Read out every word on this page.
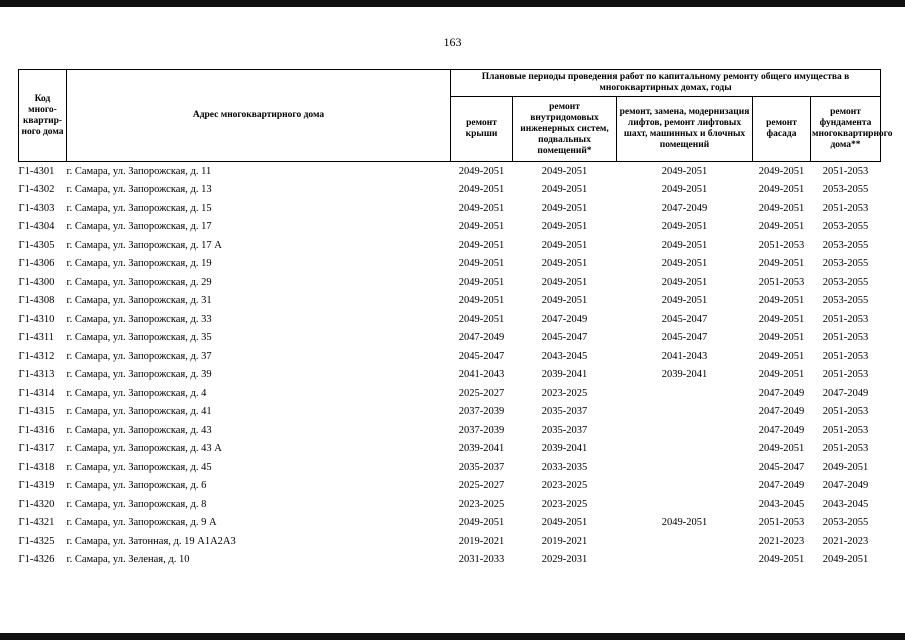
163
Код много-квартир-ного дома	Адрес многоквартирного дома	Плановые периоды проведения работ по капитальному ремонту общего имущества в многоквартирных домах, годы				
		ремонт крыши	ремонт внутридомовых инженерных систем, подвальных помещений*	ремонт, замена, модернизация лифтов, ремонт лифтовых шахт, машинных и блочных помещений	ремонт фасада	ремонт фундамента многоквартирного дома**
Г1-4301	г. Самара, ул. Запорожская, д. 11	2049-2051	2049-2051	2049-2051	2049-2051	2051-2053
Г1-4302	г. Самара, ул. Запорожская, д. 13	2049-2051	2049-2051	2049-2051	2049-2051	2053-2055
Г1-4303	г. Самара, ул. Запорожская, д. 15	2049-2051	2049-2051	2047-2049	2049-2051	2051-2053
Г1-4304	г. Самара, ул. Запорожская, д. 17	2049-2051	2049-2051	2049-2051	2049-2051	2053-2055
Г1-4305	г. Самара, ул. Запорожская, д. 17 А	2049-2051	2049-2051	2049-2051	2051-2053	2053-2055
Г1-4306	г. Самара, ул. Запорожская, д. 19	2049-2051	2049-2051	2049-2051	2049-2051	2053-2055
Г1-4300	г. Самара, ул. Запорожская, д. 29	2049-2051	2049-2051	2049-2051	2051-2053	2053-2055
Г1-4308	г. Самара, ул. Запорожская, д. 31	2049-2051	2049-2051	2049-2051	2049-2051	2053-2055
Г1-4310	г. Самара, ул. Запорожская, д. 33	2049-2051	2047-2049	2045-2047	2049-2051	2051-2053
Г1-4311	г. Самара, ул. Запорожская, д. 35	2047-2049	2045-2047	2045-2047	2049-2051	2051-2053
Г1-4312	г. Самара, ул. Запорожская, д. 37	2045-2047	2043-2045	2041-2043	2049-2051	2051-2053
Г1-4313	г. Самара, ул. Запорожская, д. 39	2041-2043	2039-2041	2039-2041	2049-2051	2051-2053
Г1-4314	г. Самара, ул. Запорожская, д. 4	2025-2027	2023-2025		2047-2049	2047-2049
Г1-4315	г. Самара, ул. Запорожская, д. 41	2037-2039	2035-2037		2047-2049	2051-2053
Г1-4316	г. Самара, ул. Запорожская, д. 43	2037-2039	2035-2037		2047-2049	2051-2053
Г1-4317	г. Самара, ул. Запорожская, д. 43 А	2039-2041	2039-2041		2049-2051	2051-2053
Г1-4318	г. Самара, ул. Запорожская, д. 45	2035-2037	2033-2035		2045-2047	2049-2051
Г1-4319	г. Самара, ул. Запорожская, д. 6	2025-2027	2023-2025		2047-2049	2047-2049
Г1-4320	г. Самара, ул. Запорожская, д. 8	2023-2025	2023-2025		2043-2045	2043-2045
Г1-4321	г. Самара, ул. Запорожская, д. 9 А	2049-2051	2049-2051	2049-2051	2051-2053	2053-2055
Г1-4325	г. Самара, ул. Затонная, д. 19 А1А2А3	2019-2021	2019-2021		2021-2023	2021-2023
Г1-4326	г. Самара, ул. Зеленая, д. 10	2031-2033	2029-2031		2049-2051	2049-2051
